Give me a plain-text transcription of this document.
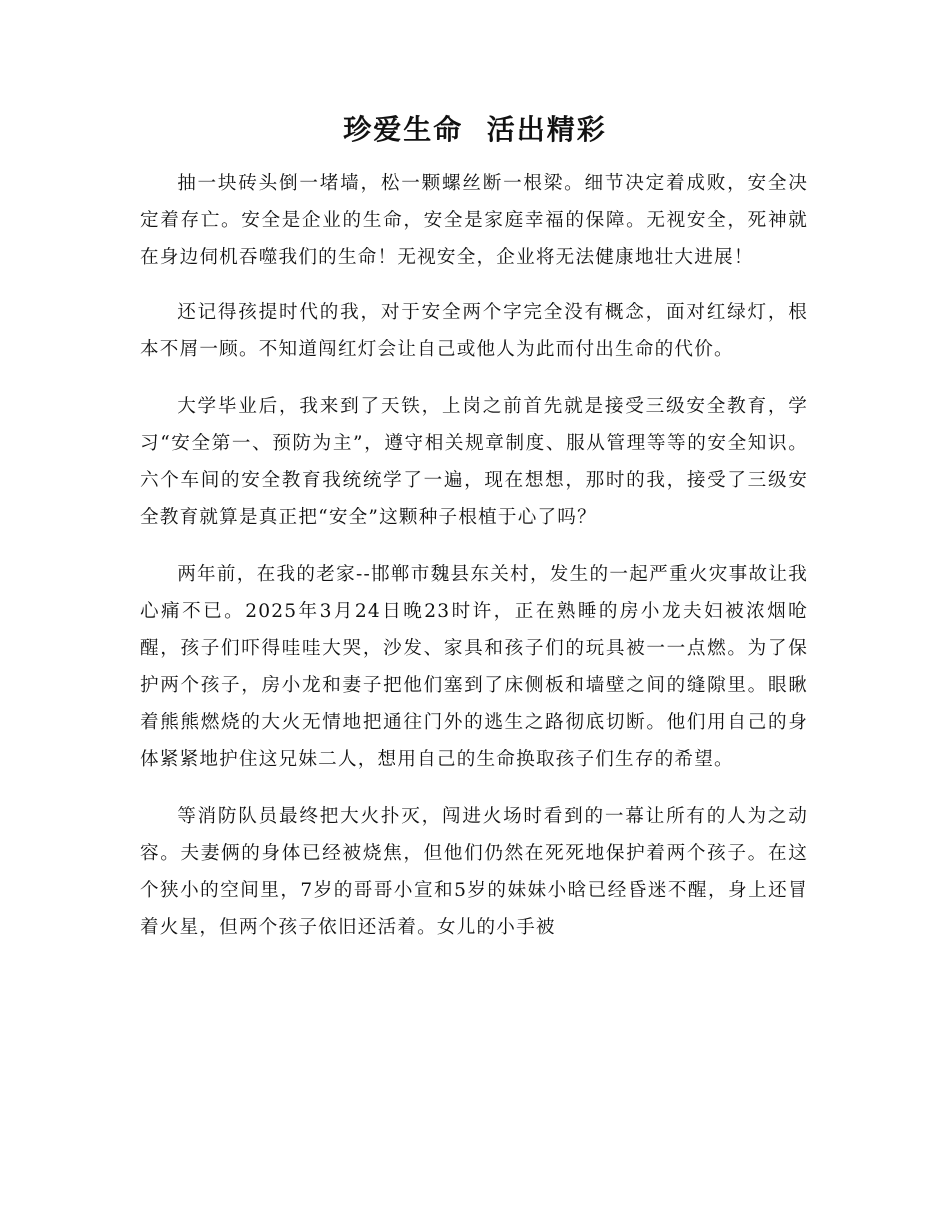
珍爱生命  活出精彩

抽一块砖头倒一堵墙，松一颗螺丝断一根梁。细节决定着成败，安全决定着存亡。安全是企业的生命，安全是家庭幸福的保障。无视安全，死神就在身边伺机吞噬我们的生命！无视安全，企业将无法健康地壮大进展！

还记得孩提时代的我，对于安全两个字完全没有概念，面对红绿灯，根本不屑一顾。不知道闯红灯会让自己或他人为此而付出生命的代价。

大学毕业后，我来到了天铁，上岗之前首先就是接受三级安全教育，学习“安全第一、预防为主”，遵守相关规章制度、服从管理等等的安全知识。六个车间的安全教育我统统学了一遍，现在想想，那时的我，接受了三级安全教育就算是真正把“安全”这颗种子根植于心了吗？

两年前，在我的老家--邯郸市魏县东关村，发生的一起严重火灾事故让我心痛不已。2025年3月24日晚23时许，正在熟睡的房小龙夫妇被浓烟呛醒，孩子们吓得哇哇大哭，沙发、家具和孩子们的玩具被一一点燃。为了保护两个孩子，房小龙和妻子把他们塞到了床侧板和墙壁之间的缝隙里。眼瞅着熊熊燃烧的大火无情地把通往门外的逃生之路彻底切断。他们用自己的身体紧紧地护住这兄妹二人，想用自己的生命换取孩子们生存的希望。

等消防队员最终把大火扑灭，闯进火场时看到的一幕让所有的人为之动容。夫妻俩的身体已经被烧焦，但他们仍然在死死地保护着两个孩子。在这个狭小的空间里，7岁的哥哥小宣和5岁的妹妹小晗已经昏迷不醒，身上还冒着火星，但两个孩子依旧还活着。女儿的小手被
